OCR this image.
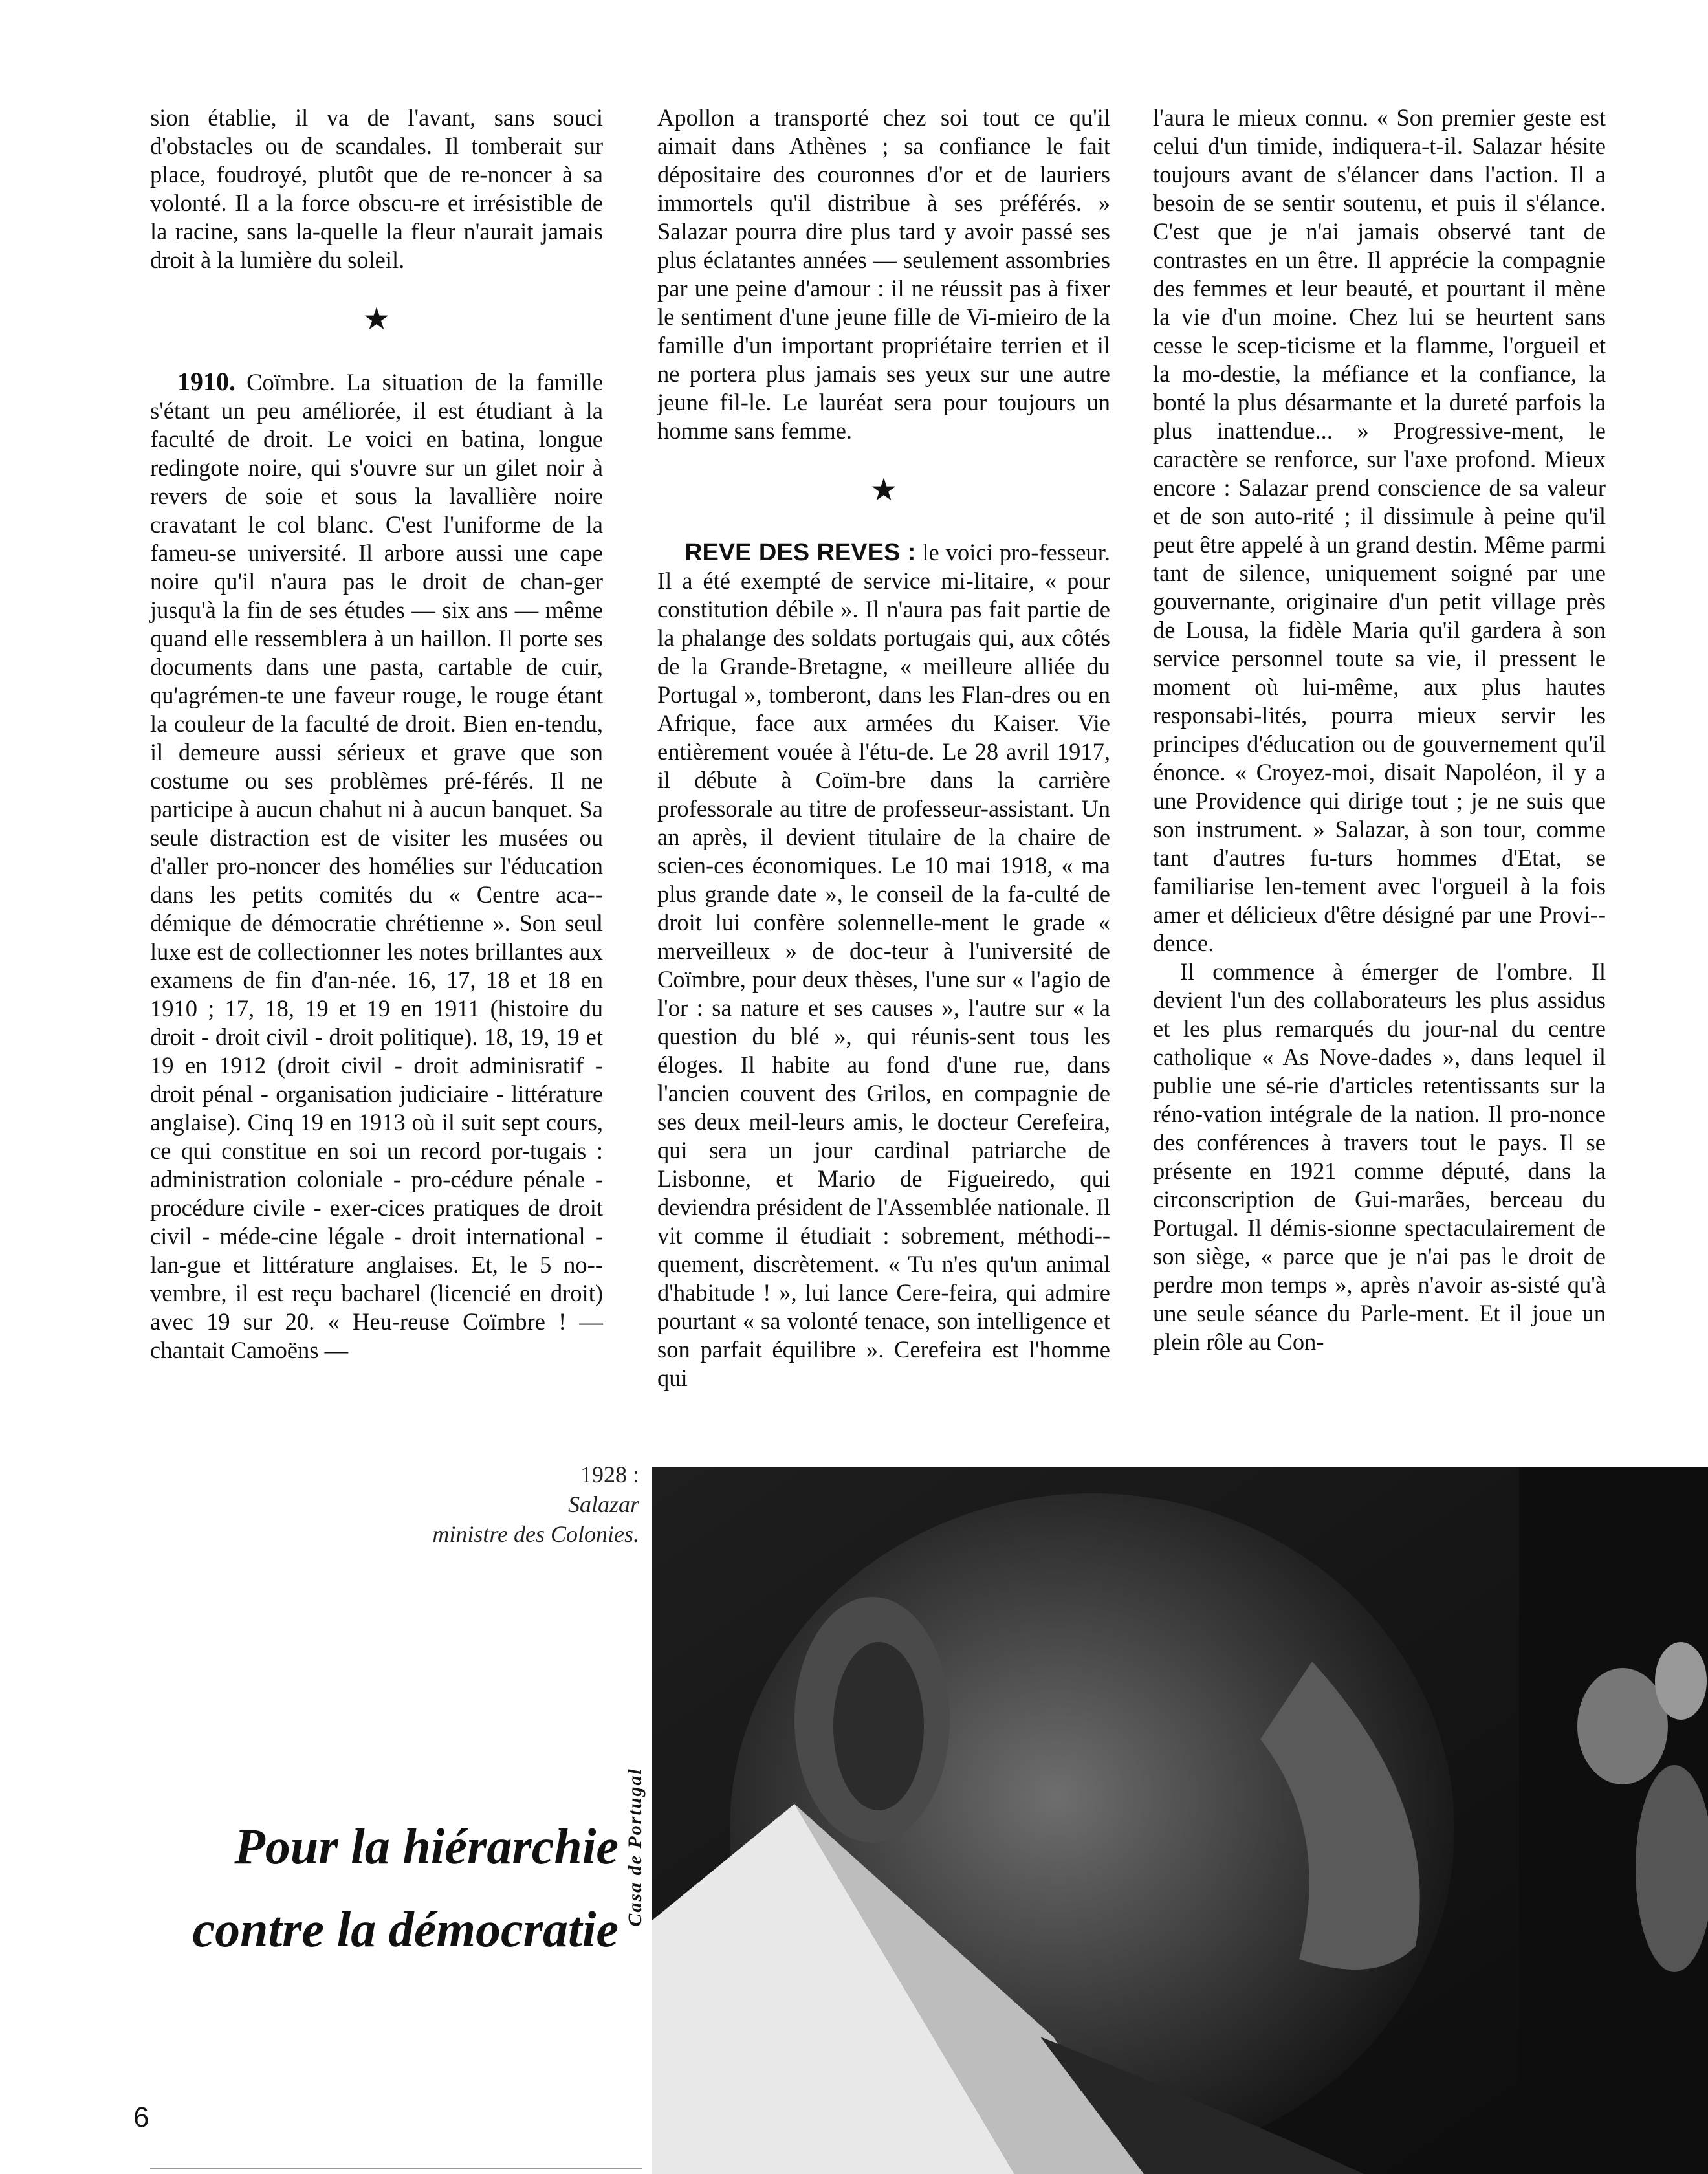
sion établie, il va de l'avant, sans souci d'obstacles ou de scandales. Il tomberait sur place, foudroyé, plutôt que de re-noncer à sa volonté. Il a la force obscu-re et irrésistible de la racine, sans la-quelle la fleur n'aurait jamais droit à la lumière du soleil.

★

1910. Coïmbre. La situation de la famille s'étant un peu améliorée, il est étudiant à la faculté de droit. Le voici en batina, longue redingote noire, qui s'ouvre sur un gilet noir à revers de soie et sous la lavallière noire cravatant le col blanc. C'est l'uniforme de la fameu-se université. Il arbore aussi une cape noire qu'il n'aura pas le droit de chan-ger jusqu'à la fin de ses études — six ans — même quand elle ressemblera à un haillon. Il porte ses documents dans une pasta, cartable de cuir, qu'agrémen-te une faveur rouge, le rouge étant la couleur de la faculté de droit. Bien en-tendu, il demeure aussi sérieux et grave que son costume ou ses problèmes pré-férés. Il ne participe à aucun chahut ni à aucun banquet. Sa seule distraction est de visiter les musées ou d'aller pro-noncer des homélies sur l'éducation dans les petits comités du « Centre aca-démique de démocratie chrétienne ». Son seul luxe est de collectionner les notes brillantes aux examens de fin d'an-née. 16, 17, 18 et 18 en 1910 ; 17, 18, 19 et 19 en 1911 (histoire du droit - droit civil - droit politique). 18, 19, 19 et 19 en 1912 (droit civil - droit adminisratif - droit pénal - organisation judiciaire - littérature anglaise). Cinq 19 en 1913 où il suit sept cours, ce qui constitue en soi un record por-tugais : administration coloniale - pro-cédure pénale - procédure civile - exer-cices pratiques de droit civil - méde-cine légale - droit international - lan-gue et littérature anglaises. Et, le 5 no-vembre, il est reçu bacharel (licencié en droit) avec 19 sur 20. « Heu-reuse Coïmbre ! — chantait Camoëns —

Apollon a transporté chez soi tout ce qu'il aimait dans Athènes ; sa confiance le fait dépositaire des couronnes d'or et de lauriers immortels qu'il distribue à ses préférés. » Salazar pourra dire plus tard y avoir passé ses plus éclatantes années — seulement assombries par une peine d'amour : il ne réussit pas à fixer le sentiment d'une jeune fille de Vi-mieiro de la famille d'un important propriétaire terrien et il ne portera plus jamais ses yeux sur une autre jeune fil-le. Le lauréat sera pour toujours un homme sans femme.

★

REVE DES REVES : le voici pro-fesseur. Il a été exempté de service mi-litaire, « pour constitution débile ». Il n'aura pas fait partie de la phalange des soldats portugais qui, aux côtés de la Grande-Bretagne, « meilleure alliée du Portugal », tomberont, dans les Flan-dres ou en Afrique, face aux armées du Kaiser. Vie entièrement vouée à l'étu-de. Le 28 avril 1917, il débute à Coïm-bre dans la carrière professorale au titre de professeur-assistant. Un an après, il devient titulaire de la chaire de scien-ces économiques. Le 10 mai 1918, « ma plus grande date », le conseil de la fa-culté de droit lui confère solennelle-ment le grade « merveilleux » de doc-teur à l'université de Coïmbre, pour deux thèses, l'une sur « l'agio de l'or : sa nature et ses causes », l'autre sur « la question du blé », qui réunis-sent tous les éloges. Il habite au fond d'une rue, dans l'ancien couvent des Grilos, en compagnie de ses deux meil-leurs amis, le docteur Cerefeira, qui sera un jour cardinal patriarche de Lisbonne, et Mario de Figueiredo, qui deviendra président de l'Assemblée nationale. Il vit comme il étudiait : sobrement, méthodi-quement, discrètement. « Tu n'es qu'un animal d'habitude ! », lui lance Cere-feira, qui admire pourtant « sa volonté tenace, son intelligence et son parfait équilibre ». Cerefeira est l'homme qui

l'aura le mieux connu. « Son premier geste est celui d'un timide, indiquera-t-il. Salazar hésite toujours avant de s'élancer dans l'action. Il a besoin de se sentir soutenu, et puis il s'élance. C'est que je n'ai jamais observé tant de contrastes en un être. Il apprécie la compagnie des femmes et leur beauté, et pourtant il mène la vie d'un moine. Chez lui se heurtent sans cesse le scep-ticisme et la flamme, l'orgueil et la mo-destie, la méfiance et la confiance, la bonté la plus désarmante et la dureté parfois la plus inattendue... » Progressive-ment, le caractère se renforce, sur l'axe profond. Mieux encore : Salazar prend conscience de sa valeur et de son auto-rité ; il dissimule à peine qu'il peut être appelé à un grand destin. Même parmi tant de silence, uniquement soigné par une gouvernante, originaire d'un petit village près de Lousa, la fidèle Maria qu'il gardera à son service personnel toute sa vie, il pressent le moment où lui-même, aux plus hautes responsabi-lités, pourra mieux servir les principes d'éducation ou de gouvernement qu'il énonce. « Croyez-moi, disait Napoléon, il y a une Providence qui dirige tout ; je ne suis que son instrument. » Salazar, à son tour, comme tant d'autres fu-turs hommes d'Etat, se familiarise len-tement avec l'orgueil à la fois amer et délicieux d'être désigné par une Provi-dence.

Il commence à émerger de l'ombre. Il devient l'un des collaborateurs les plus assidus et les plus remarqués du jour-nal du centre catholique « As Nove-dades », dans lequel il publie une sé-rie d'articles retentissants sur la réno-vation intégrale de la nation. Il pro-nonce des conférences à travers tout le pays. Il se présente en 1921 comme député, dans la circonscription de Gui-marães, berceau du Portugal. Il démis-sionne spectaculairement de son siège, « parce que je n'ai pas le droit de perdre mon temps », après n'avoir as-sisté qu'à une seule séance du Parle-ment. Et il joue un plein rôle au Con-

1928 :
Salazar
ministre des Colonies.
Casa de Portugal
Pour la hiérarchie
contre la démocratie
6
